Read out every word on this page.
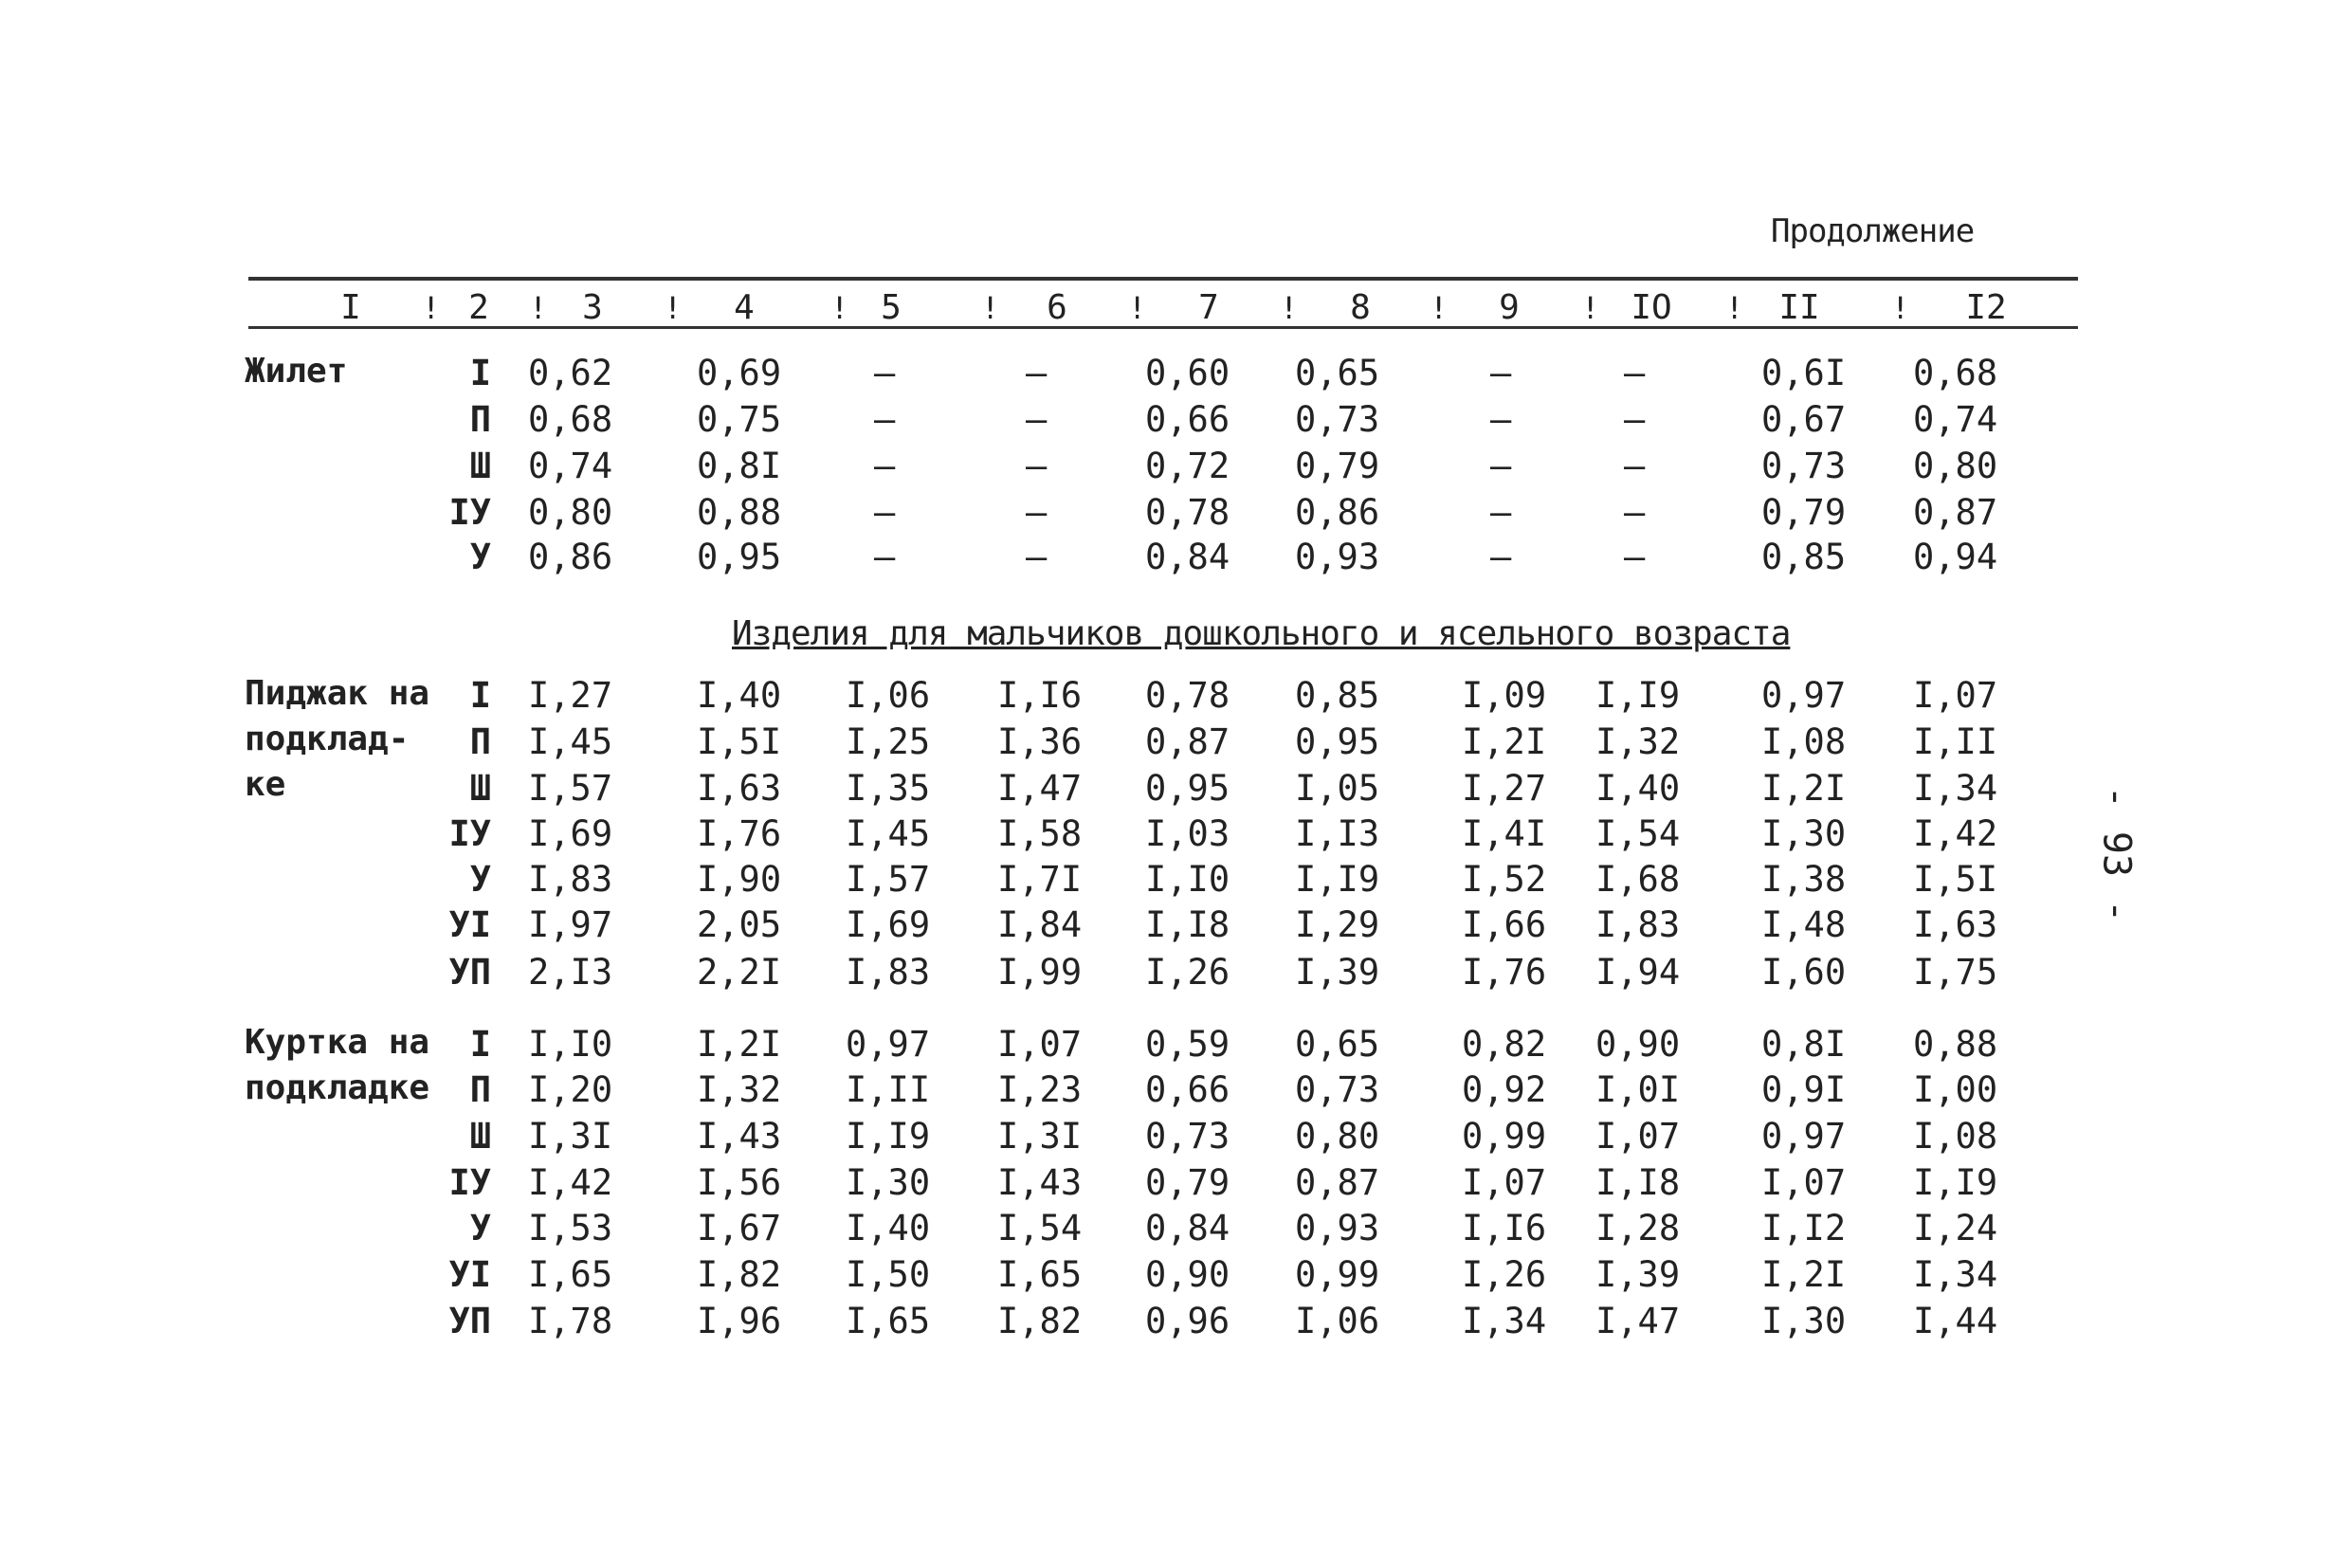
Продолжение
I	2	3	4	5	6	7	8	9	IO	II	I2
!	!	!	!	!	!	!	!	!	!	!
Жилет	I 0,62 0,69	–	–	0,60 0,65	–	–	0,6I 0,68
П 0,68 0,75	–	–	0,66 0,73	–	–	0,67 0,74
Ш 0,74 0,8I	–	–	0,72 0,79	–	–	0,73 0,80
IУ 0,80 0,88	–	–	0,78 0,86	–	–	0,79 0,87
У 0,86 0,95	–	–	0,84 0,93	–	–	0,85 0,94
Пиджак на
подклад-
ке
I I,27 I,40 I,06 I,I6 0,78 0,85 I,09 I,I9 0,97 I,07
П I,45 I,5I I,25 I,36 0,87 0,95 I,2I I,32 I,08 I,II
Ш I,57 I,63 I,35 I,47 0,95 I,05 I,27 I,40 I,2I I,34
IУ I,69 I,76 I,45 I,58 I,03 I,I3 I,4I I,54 I,30 I,42
У I,83 I,90 I,57 I,7I I,I0 I,I9 I,52 I,68 I,38 I,5I
УI I,97 2,05 I,69 I,84 I,I8 I,29 I,66 I,83 I,48 I,63
УП 2,I3 2,2I I,83 I,99 I,26 I,39 I,76 I,94 I,60 I,75
Куртка на
подкладке
I I,I0 I,2I 0,97 I,07 0,59 0,65 0,82 0,90 0,8I 0,88
П I,20 I,32 I,II I,23 0,66 0,73 0,92 I,0I 0,9I I,00
Ш I,3I I,43 I,I9 I,3I 0,73 0,80 0,99 I,07 0,97 I,08
IУ I,42 I,56 I,30 I,43 0,79 0,87 I,07 I,I8 I,07 I,I9
У I,53 I,67 I,40 I,54 0,84 0,93 I,I6 I,28 I,I2 I,24
УI I,65 I,82 I,50 I,65 0,90 0,99 I,26 I,39 I,2I I,34
УП I,78 I,96 I,65 I,82 0,96 I,06 I,34 I,47 I,30 I,44
Изделия для мальчиков дошкольного и ясельного возраста
- 93 -
